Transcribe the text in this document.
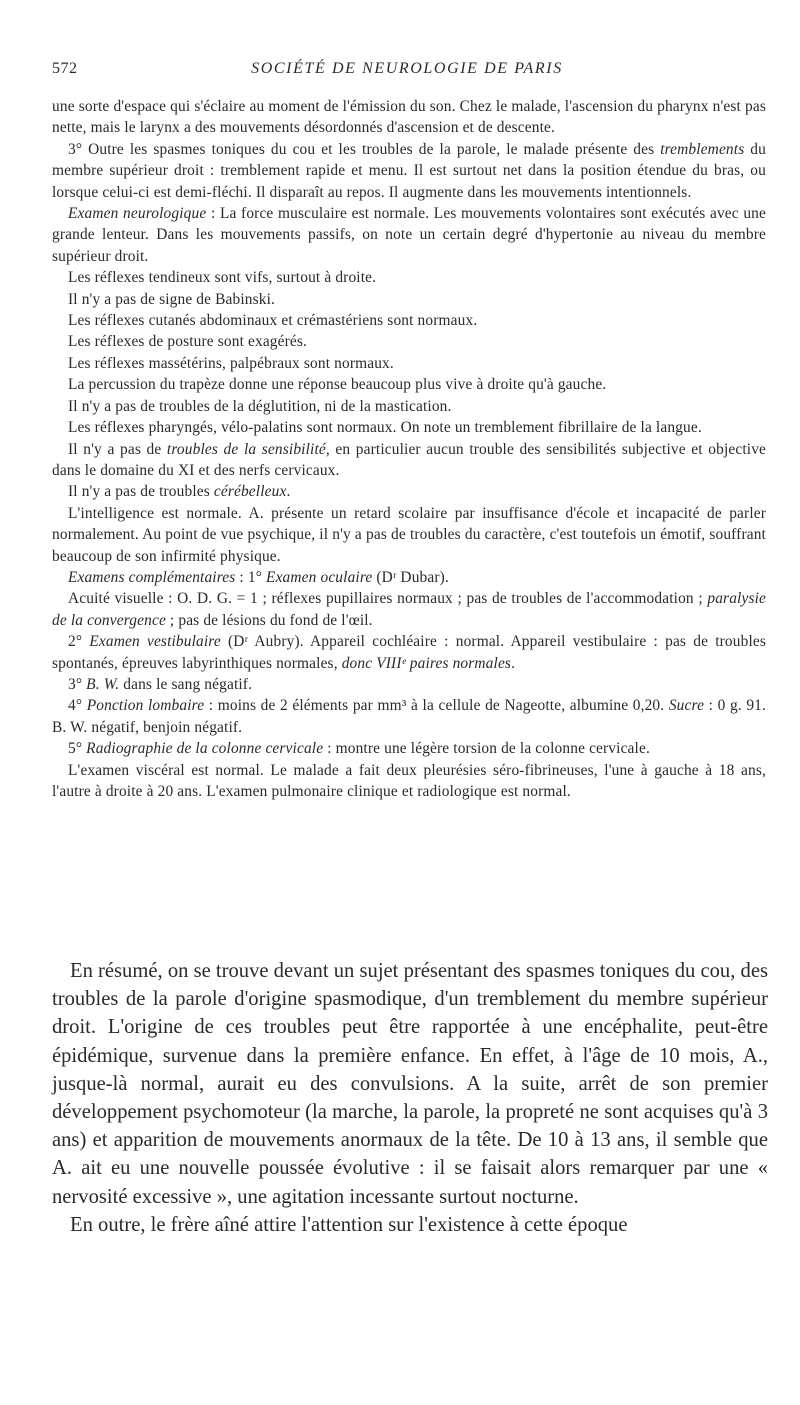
572	SOCIÉTÉ DE NEUROLOGIE DE PARIS

une sorte d'espace qui s'éclaire au moment de l'émission du son. Chez le malade, l'ascension du pharynx n'est pas nette, mais le larynx a des mouvements désordonnés d'ascension et de descente.

3° Outre les spasmes toniques du cou et les troubles de la parole, le malade présente des tremblements du membre supérieur droit : tremblement rapide et menu. Il est surtout net dans la position étendue du bras, ou lorsque celui-ci est demi-fléchi. Il disparaît au repos. Il augmente dans les mouvements intentionnels.

Examen neurologique : La force musculaire est normale. Les mouvements volontaires sont exécutés avec une grande lenteur. Dans les mouvements passifs, on note un certain degré d'hypertonie au niveau du membre supérieur droit.

Les réflexes tendineux sont vifs, surtout à droite.

Il n'y a pas de signe de Babinski.

Les réflexes cutanés abdominaux et crémastériens sont normaux.

Les réflexes de posture sont exagérés.

Les réflexes massétérins, palpébraux sont normaux.

La percussion du trapèze donne une réponse beaucoup plus vive à droite qu'à gauche.

Il n'y a pas de troubles de la déglutition, ni de la mastication.

Les réflexes pharyngés, vélo-palatins sont normaux. On note un tremblement fibrillaire de la langue.

Il n'y a pas de troubles de la sensibilité, en particulier aucun trouble des sensibilités subjective et objective dans le domaine du XI et des nerfs cervicaux.

Il n'y a pas de troubles cérébelleux.

L'intelligence est normale. A. présente un retard scolaire par insuffisance d'école et incapacité de parler normalement. Au point de vue psychique, il n'y a pas de troubles du caractère, c'est toutefois un émotif, souffrant beaucoup de son infirmité physique.

Examens complémentaires : 1° Examen oculaire (Dʳ Dubar).

Acuité visuelle : O. D. G. = 1 ; réflexes pupillaires normaux ; pas de troubles de l'accommodation ; paralysie de la convergence ; pas de lésions du fond de l'œil.

2° Examen vestibulaire (Dʳ Aubry). Appareil cochléaire : normal. Appareil vestibulaire : pas de troubles spontanés, épreuves labyrinthiques normales, donc VIIIᵉ paires normales.

3° B. W. dans le sang négatif.

4° Ponction lombaire : moins de 2 éléments par mm³ à la cellule de Nageotte, albumine 0,20. Sucre : 0 g. 91. B. W. négatif, benjoin négatif.

5° Radiographie de la colonne cervicale : montre une légère torsion de la colonne cervicale.

L'examen viscéral est normal. Le malade a fait deux pleurésies séro-fibrineuses, l'une à gauche à 18 ans, l'autre à droite à 20 ans. L'examen pulmonaire clinique et radiologique est normal.

En résumé, on se trouve devant un sujet présentant des spasmes toniques du cou, des troubles de la parole d'origine spasmodique, d'un tremblement du membre supérieur droit. L'origine de ces troubles peut être rapportée à une encéphalite, peut-être épidémique, survenue dans la première enfance. En effet, à l'âge de 10 mois, A., jusque-là normal, aurait eu des convulsions. A la suite, arrêt de son premier développement psychomoteur (la marche, la parole, la propreté ne sont acquises qu'à 3 ans) et apparition de mouvements anormaux de la tête. De 10 à 13 ans, il semble que A. ait eu une nouvelle poussée évolutive : il se faisait alors remarquer par une « nervosité excessive », une agitation incessante surtout nocturne.

En outre, le frère aîné attire l'attention sur l'existence à cette époque
